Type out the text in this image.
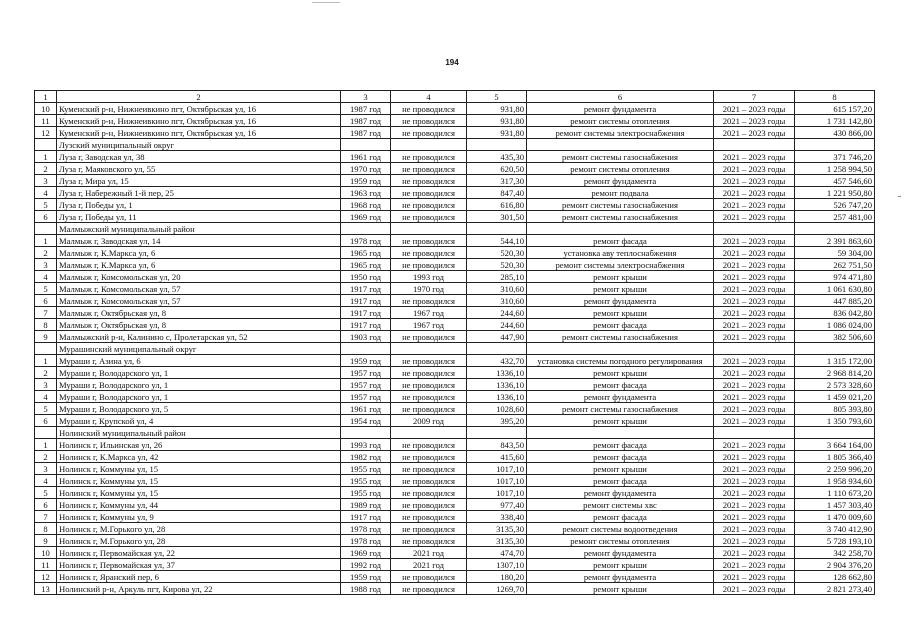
194
1	2	3	4	5	6	7	8
10	Куменский р-н, Нижнеивкино пгт, Октябрьская ул, 16	1987 год	не проводился	931,80	ремонт фундамента	2021 – 2023 годы	615 157,20
11	Куменский р-н, Нижнеивкино пгт, Октябрьская ул, 16	1987 год	не проводился	931,80	ремонт системы отопления	2021 – 2023 годы	1 731 142,80
12	Куменский р-н, Нижнеивкино пгт, Октябрьская ул, 16	1987 год	не проводился	931,80	ремонт системы электроснабжения	2021 – 2023 годы	430 866,00
	Лузский муниципальный округ						
1	Луза г, Заводская ул, 38	1961 год	не проводился	435,30	ремонт системы газоснабжения	2021 – 2023 годы	371 746,20
2	Луза г, Маяковского ул, 55	1970 год	не проводился	620,50	ремонт системы отопления	2021 – 2023 годы	1 258 994,50
3	Луза г, Мира ул, 15	1959 год	не проводился	317,30	ремонт фундамента	2021 – 2023 годы	457 546,60
4	Луза г, Набережный 1-й пер, 25	1963 год	не проводился	847,40	ремонт подвала	2021 – 2023 годы	1 221 950,80
5	Луза г, Победы ул, 1	1968 год	не проводился	616,80	ремонт системы газоснабжения	2021 – 2023 годы	526 747,20
6	Луза г, Победы ул, 11	1969 год	не проводился	301,50	ремонт системы газоснабжения	2021 – 2023 годы	257 481,00
	Малмыжский муниципальный район						
1	Малмыж г, Заводская ул, 14	1978 год	не проводился	544,10	ремонт фасада	2021 – 2023 годы	2 391 863,60
2	Малмыж г, К.Маркса ул, 6	1965 год	не проводился	520,30	установка аву теплоснабжения	2021 – 2023 годы	59 304,00
3	Малмыж г, К.Маркса ул, 6	1965 год	не проводился	520,30	ремонт системы электроснабжения	2021 – 2023 годы	262 751,50
4	Малмыж г, Комсомольская ул, 20	1950 год	1993 год	285,10	ремонт крыши	2021 – 2023 годы	974 471,80
5	Малмыж г, Комсомольская ул, 57	1917 год	1970 год	310,60	ремонт крыши	2021 – 2023 годы	1 061 630,80
6	Малмыж г, Комсомольская ул, 57	1917 год	не проводился	310,60	ремонт фундамента	2021 – 2023 годы	447 885,20
7	Малмыж г, Октябрьская ул, 8	1917 год	1967 год	244,60	ремонт крыши	2021 – 2023 годы	836 042,80
8	Малмыж г, Октябрьская ул, 8	1917 год	1967 год	244,60	ремонт фасада	2021 – 2023 годы	1 086 024,00
9	Малмыжский р-н, Калинино с, Пролетарская ул, 52	1903 год	не проводился	447,90	ремонт системы газоснабжения	2021 – 2023 годы	382 506,60
	Мурашинский муниципальный округ						
1	Мураши г, Азина ул, 6	1959 год	не проводился	432,70	установка системы погодного регулирования	2021 – 2023 годы	1 315 172,00
2	Мураши г, Володарского ул, 1	1957 год	не проводился	1336,10	ремонт крыши	2021 – 2023 годы	2 968 814,20
3	Мураши г, Володарского ул, 1	1957 год	не проводился	1336,10	ремонт фасада	2021 – 2023 годы	2 573 328,60
4	Мураши г, Володарского ул, 1	1957 год	не проводился	1336,10	ремонт фундамента	2021 – 2023 годы	1 459 021,20
5	Мураши г, Володарского ул, 5	1961 год	не проводился	1028,60	ремонт системы газоснабжения	2021 – 2023 годы	805 393,80
6	Мураши г, Крупской ул, 4	1954 год	2009 год	395,20	ремонт крыши	2021 – 2023 годы	1 350 793,60
	Нолинский муниципальный район						
1	Нолинск г, Ильинская ул, 26	1993 год	не проводился	843,50	ремонт фасада	2021 – 2023 годы	3 664 164,00
2	Нолинск г, К.Маркса ул, 42	1982 год	не проводился	415,60	ремонт фасада	2021 – 2023 годы	1 805 366,40
3	Нолинск г, Коммуны ул, 15	1955 год	не проводился	1017,10	ремонт крыши	2021 – 2023 годы	2 259 996,20
4	Нолинск г, Коммуны ул, 15	1955 год	не проводился	1017,10	ремонт фасада	2021 – 2023 годы	1 958 934,60
5	Нолинск г, Коммуны ул, 15	1955 год	не проводился	1017,10	ремонт фундамента	2021 – 2023 годы	1 110 673,20
6	Нолинск г, Коммуны ул, 44	1989 год	не проводился	977,40	ремонт системы хвс	2021 – 2023 годы	1 457 303,40
7	Нолинск г, Коммуны ул, 9	1917 год	не проводился	338,40	ремонт фасада	2021 – 2023 годы	1 470 009,60
8	Нолинск г, М.Горького ул, 28	1978 год	не проводился	3135,30	ремонт системы водоотведения	2021 – 2023 годы	3 740 412,90
9	Нолинск г, М.Горького ул, 28	1978 год	не проводился	3135,30	ремонт системы отопления	2021 – 2023 годы	5 728 193,10
10	Нолинск г, Первомайская ул, 22	1969 год	2021 год	474,70	ремонт фундамента	2021 – 2023 годы	342 258,70
11	Нолинск г, Первомайская ул, 37	1992 год	2021 год	1307,10	ремонт крыши	2021 – 2023 годы	2 904 376,20
12	Нолинск г, Яранский пер, 6	1959 год	не проводился	180,20	ремонт фундамента	2021 – 2023 годы	128 662,80
13	Нолинский р-н, Аркуль пгт, Кирова ул, 22	1988 год	не проводился	1269,70	ремонт крыши	2021 – 2023 годы	2 821 273,40
